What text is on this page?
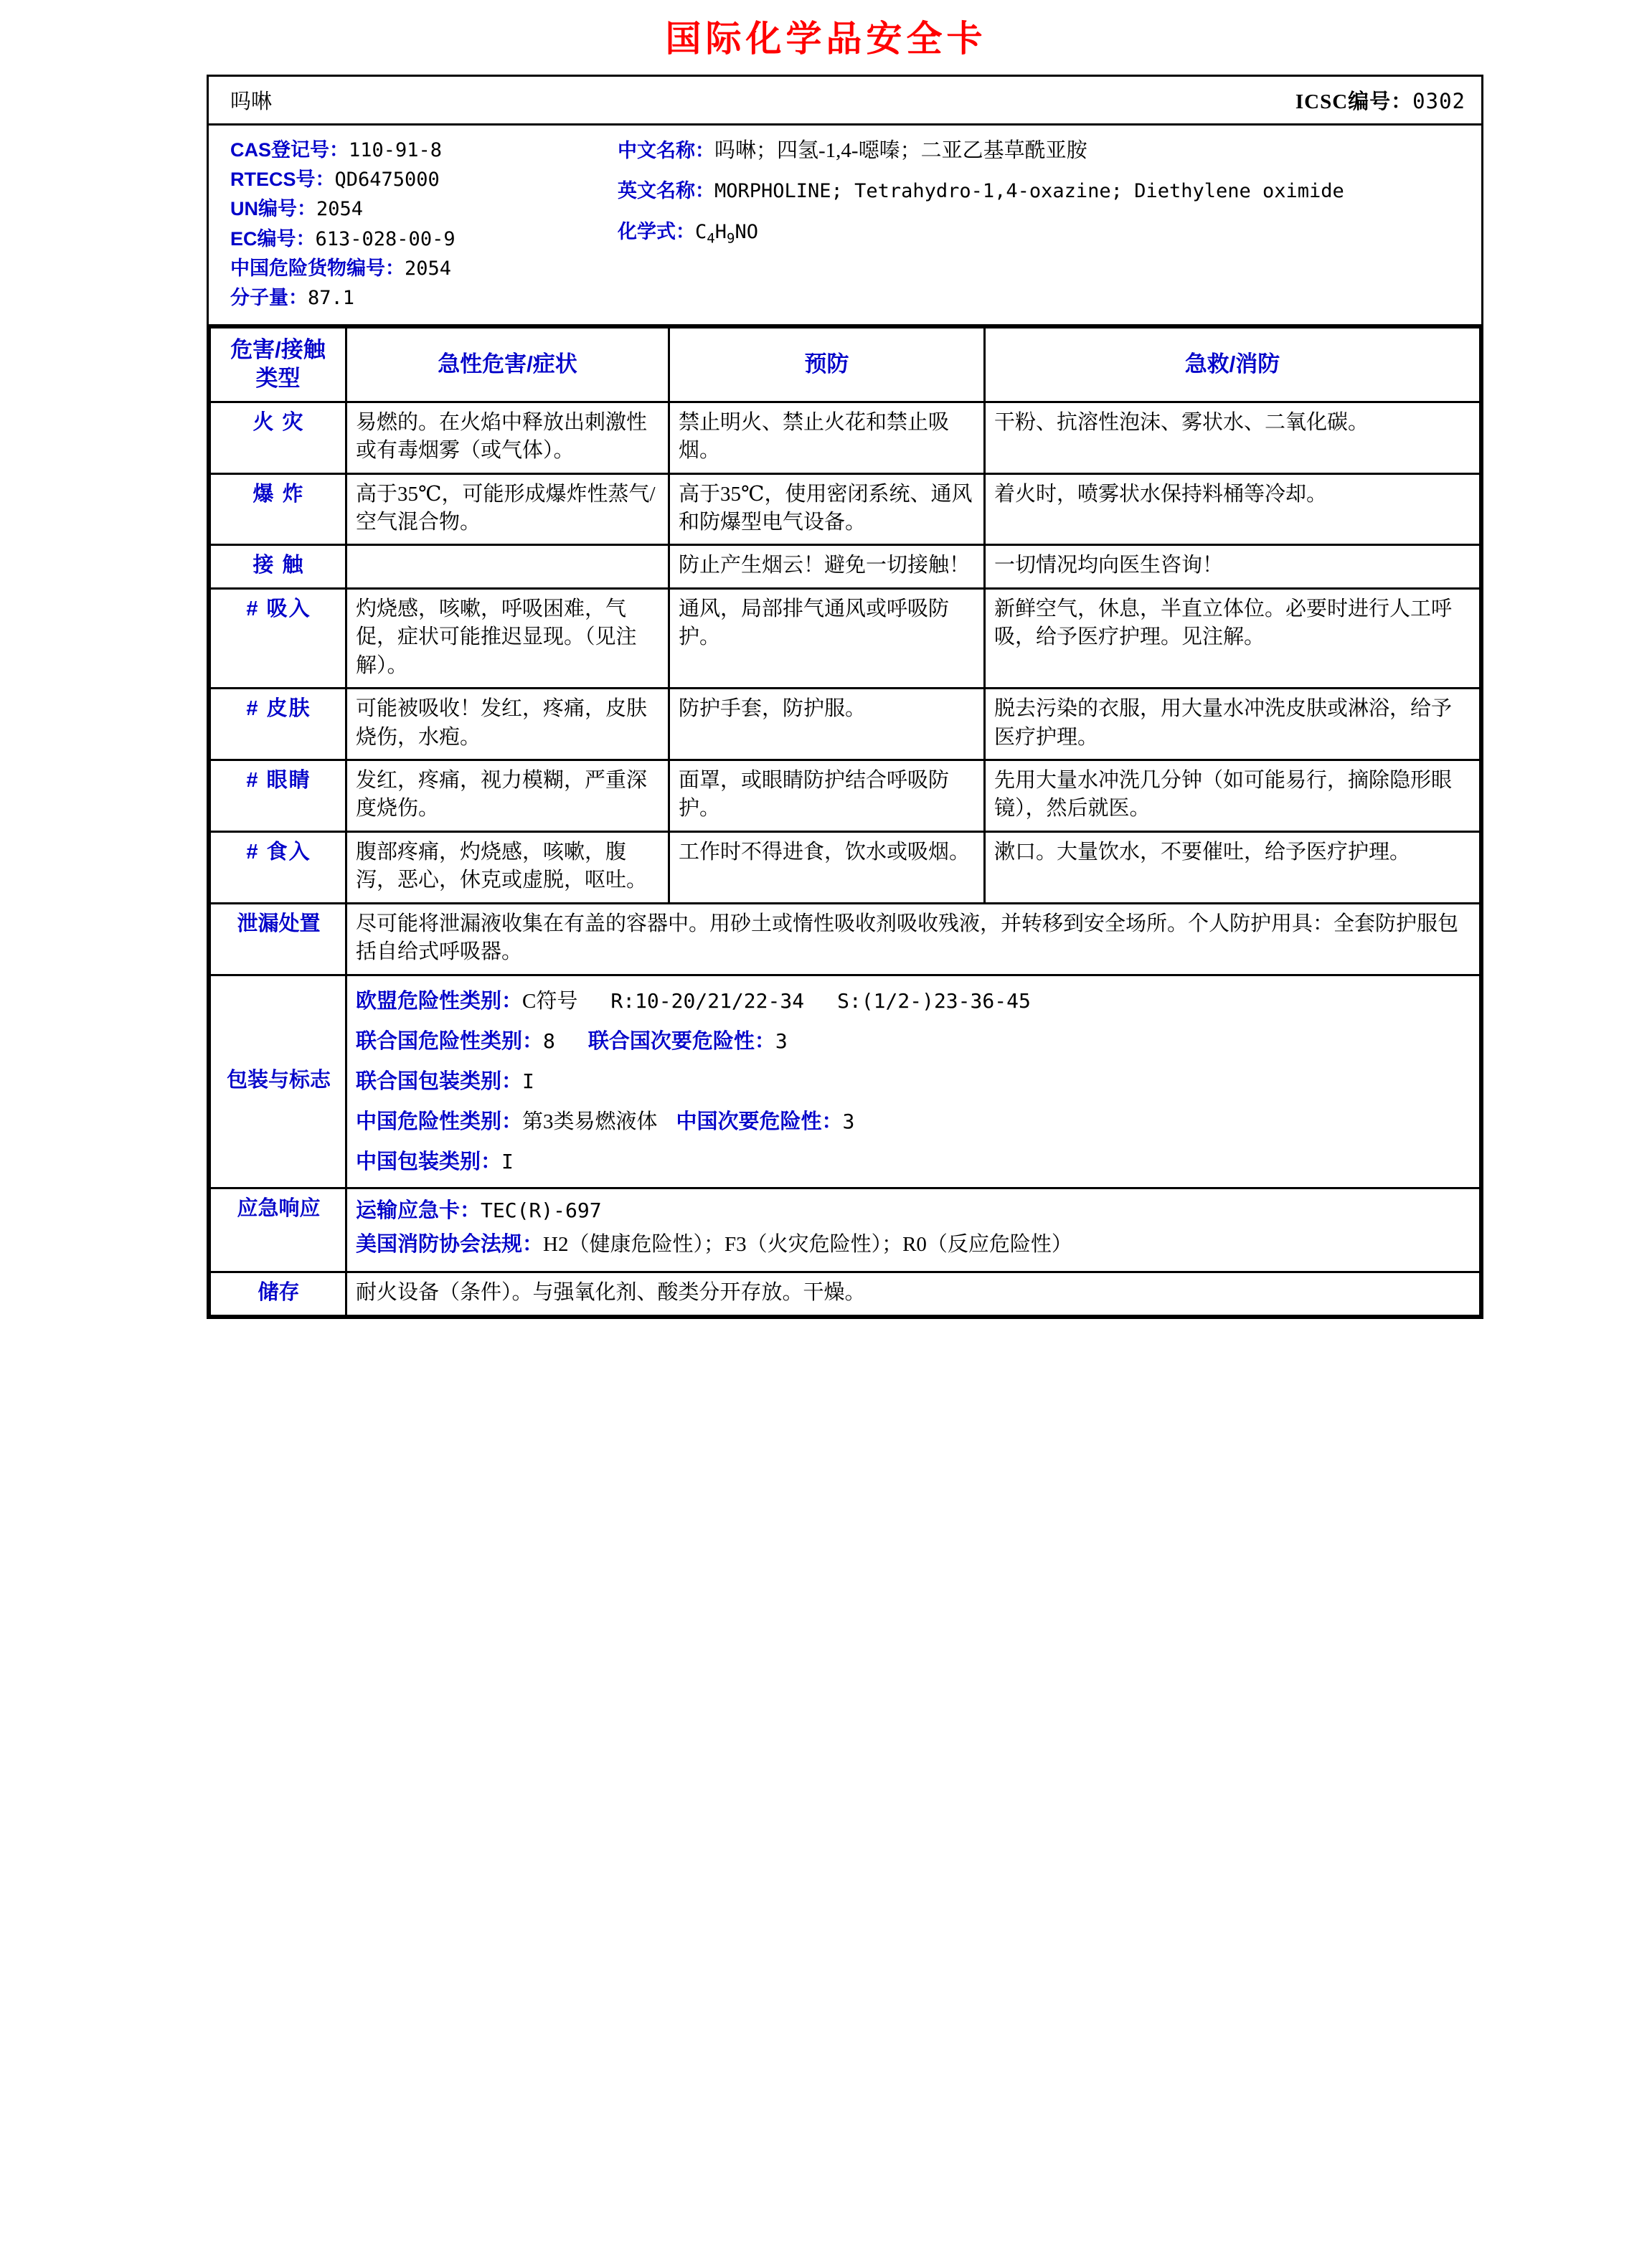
国际化学品安全卡
吗啉	ICSC编号：0302
CAS登记号：110-91-8
RTECS号：QD6475000
UN编号：2054
EC编号：613-028-00-9
中国危险货物编号：2054
分子量：87.1
中文名称：吗啉；四氢-1,4-噁嗪；二亚乙基草酰亚胺
英文名称：MORPHOLINE; Tetrahydro-1,4-oxazine; Diethylene oximide
化学式：$C_4H_9NO$
危害/接触
类型	急性危害/症状	预防	急救/消防
火 灾	易燃的。在火焰中释放出刺激性或有毒烟雾（或气体）。	禁止明火、禁止火花和禁止吸烟。	干粉、抗溶性泡沫、雾状水、二氧化碳。
爆 炸	高于35℃，可能形成爆炸性蒸气/空气混合物。	高于35℃，使用密闭系统、通风和防爆型电气设备。	着火时，喷雾状水保持料桶等冷却。
接 触		防止产生烟云！避免一切接触！	一切情况均向医生咨询！
# 吸入	灼烧感，咳嗽，呼吸困难，气促，症状可能推迟显现。（见注解）。	通风，局部排气通风或呼吸防护。	新鲜空气，休息，半直立体位。必要时进行人工呼吸，给予医疗护理。见注解。
# 皮肤	可能被吸收！发红，疼痛，皮肤烧伤，水疱。	防护手套，防护服。	脱去污染的衣服，用大量水冲洗皮肤或淋浴，给予医疗护理。
# 眼睛	发红，疼痛，视力模糊，严重深度烧伤。	面罩，或眼睛防护结合呼吸防护。	先用大量水冲洗几分钟（如可能易行，摘除隐形眼镜），然后就医。
# 食入	腹部疼痛，灼烧感，咳嗽，腹泻，恶心，休克或虚脱，呕吐。	工作时不得进食，饮水或吸烟。	漱口。大量饮水，不要催吐，给予医疗护理。
泄漏处置	尽可能将泄漏液收集在有盖的容器中。用砂土或惰性吸收剂吸收残液，并转移到安全场所。个人防护用具：全套防护服包括自给式呼吸器。		
包装与标志	欧盟危险性类别：C符号 R:10-20/21/22-34 S:(1/2-)23-36-45
联合国危险性类别：8 联合国次要危险性：3
联合国包装类别：I
中国危险性类别：第3类易燃液体 中国次要危险性：3
中国包装类别：I		

应急响应	运输应急卡：TEC(R)-697
美国消防协会法规：H2（健康危险性）；F3（火灾危险性）；R0（反应危险性）		

储存	耐火设备（条件）。与强氧化剂、酸类分开存放。干燥。		
